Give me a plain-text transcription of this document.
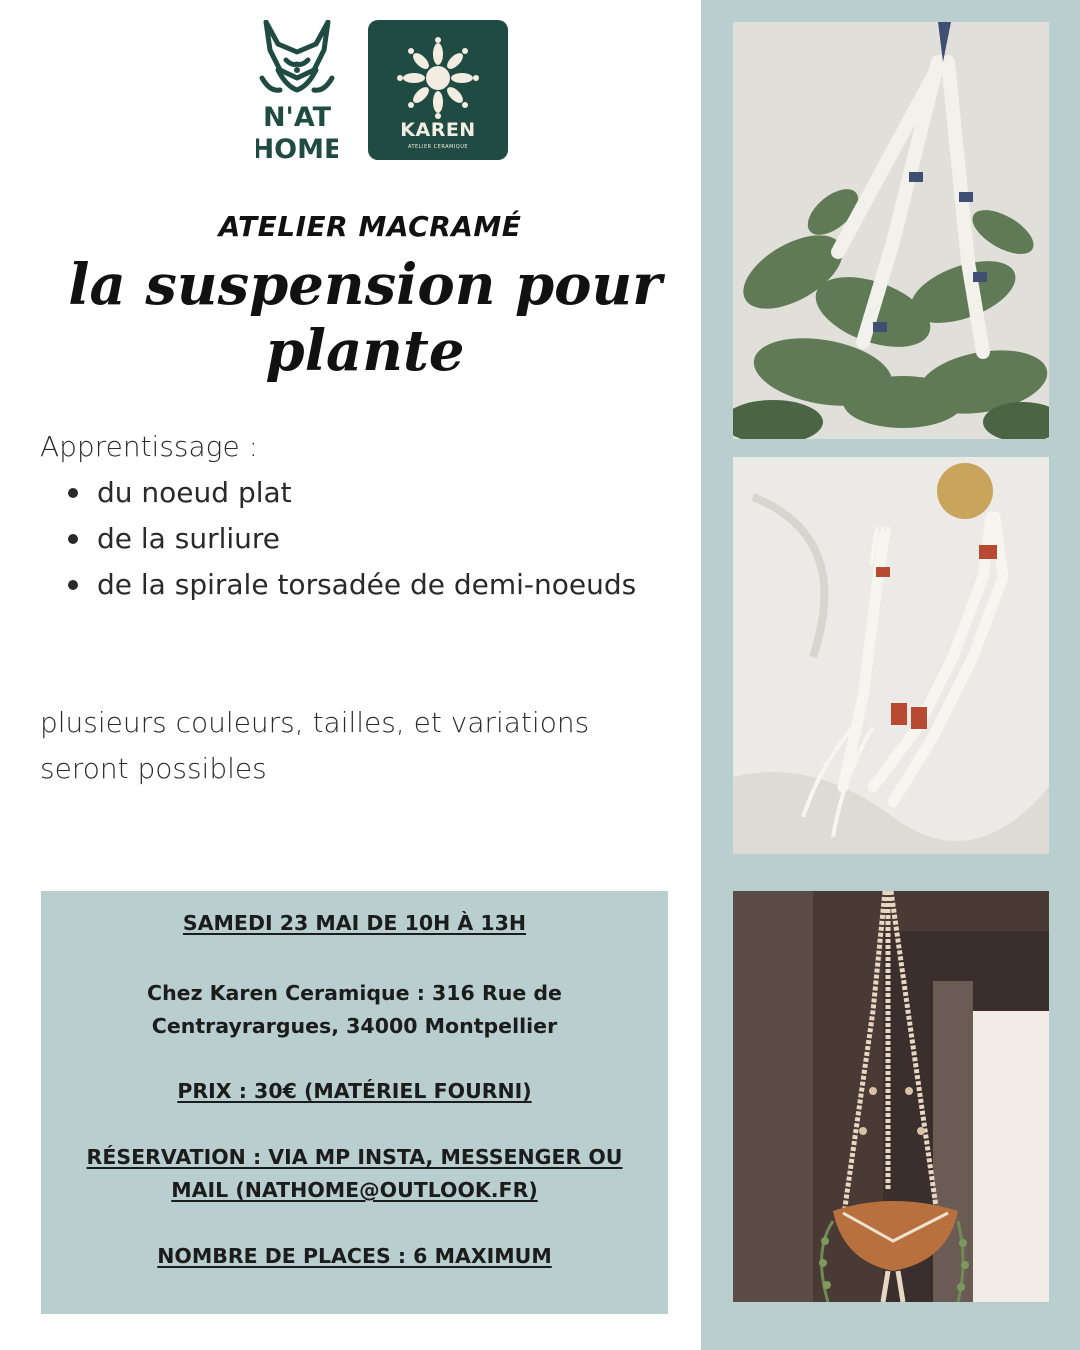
N'AT
HOME
KAREN
ATELIER CERAMIQUE
ATELIER MACRAMÉ
la suspension pour plante
Apprentissage :
du noeud plat
de la surliure
de la spirale torsadée de demi-noeuds
plusieurs couleurs, tailles, et variations seront possibles
SAMEDI 23 MAI DE 10H À 13H
Chez Karen Ceramique : 316 Rue de Centrayrargues, 34000 Montpellier
PRIX : 30€ (MATÉRIEL FOURNI)
RÉSERVATION : VIA MP INSTA, MESSENGER OU MAIL (NATHOME@OUTLOOK.FR)
NOMBRE DE PLACES : 6 MAXIMUM
